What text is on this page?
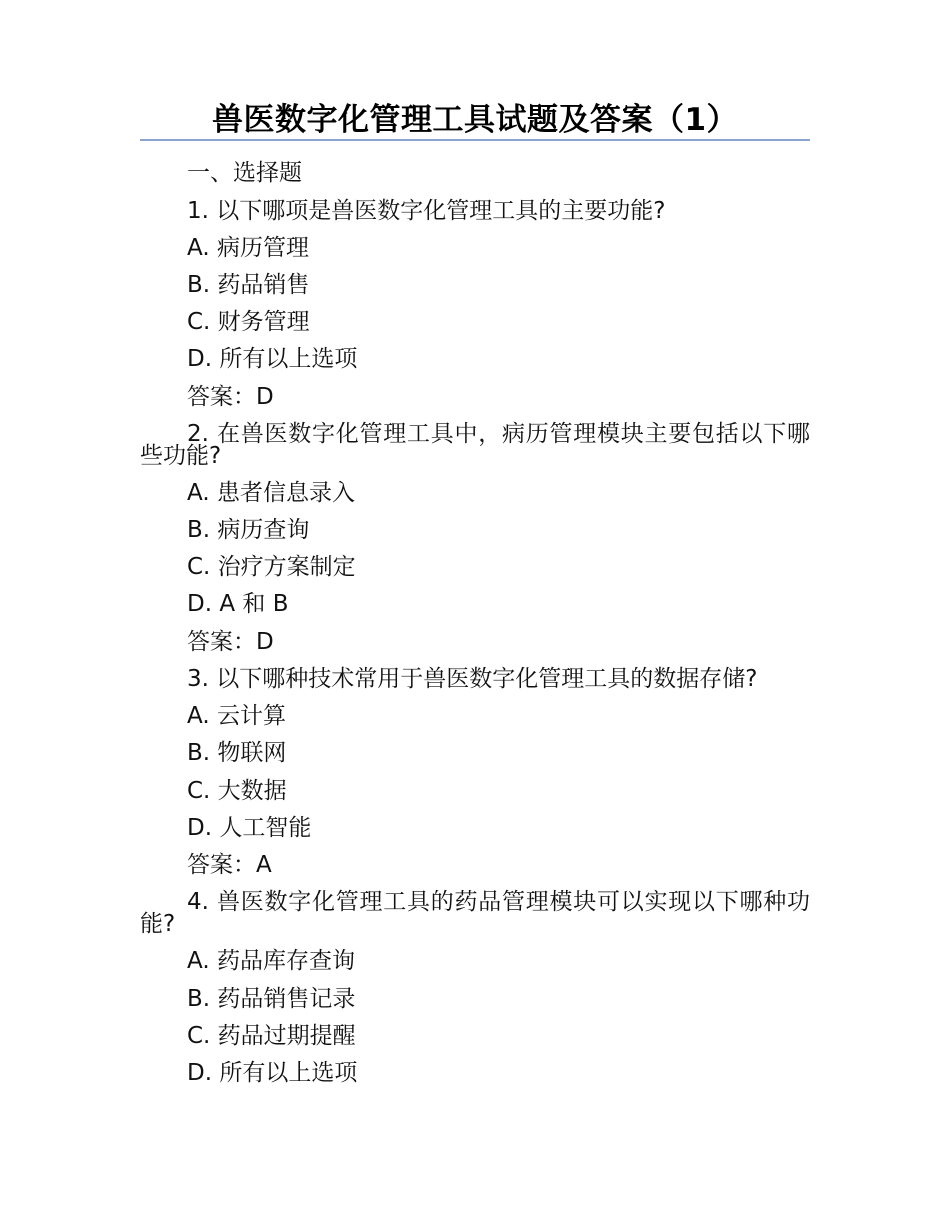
兽医数字化管理工具试题及答案（1）
一、选择题
1. 以下哪项是兽医数字化管理工具的主要功能?
A. 病历管理
B. 药品销售
C. 财务管理
D. 所有以上选项
答案：D
2. 在兽医数字化管理工具中，病历管理模块主要包括以下哪些功能?
A. 患者信息录入
B. 病历查询
C. 治疗方案制定
D. A 和 B
答案：D
3. 以下哪种技术常用于兽医数字化管理工具的数据存储?
A. 云计算
B. 物联网
C. 大数据
D. 人工智能
答案：A
4. 兽医数字化管理工具的药品管理模块可以实现以下哪种功能?
A. 药品库存查询
B. 药品销售记录
C. 药品过期提醒
D. 所有以上选项
